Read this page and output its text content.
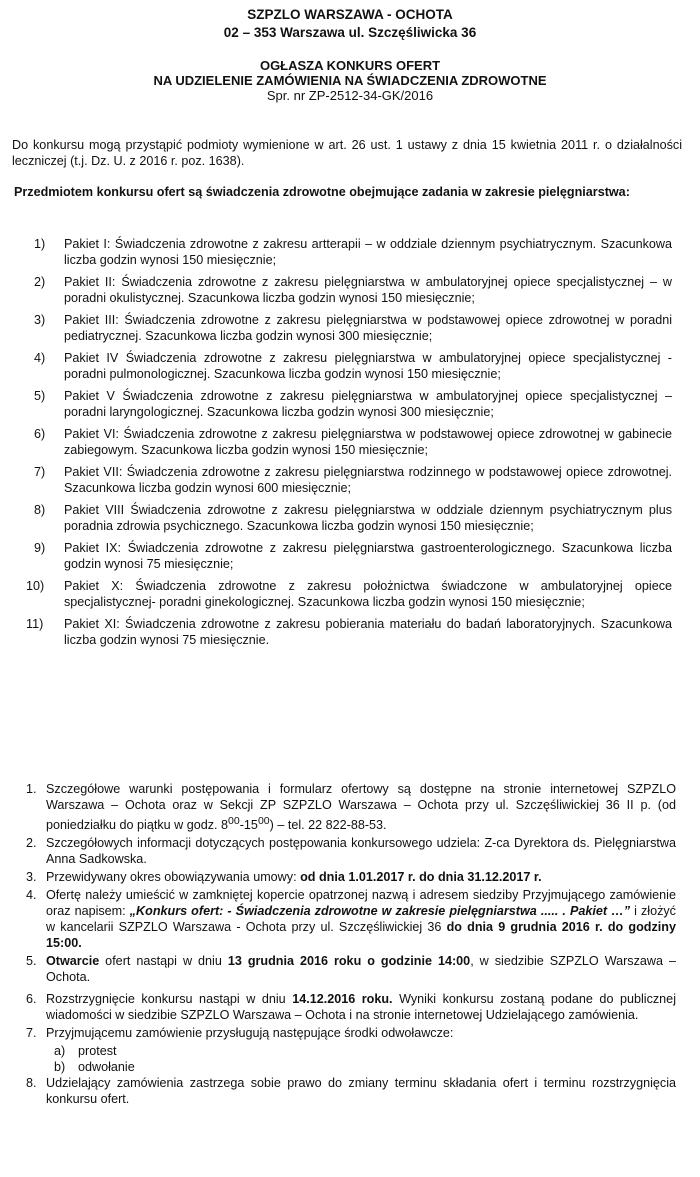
SZPZLO WARSZAWA - OCHOTA
02 – 353 Warszawa ul. Szczęśliwicka 36
OGŁASZA KONKURS OFERT
NA UDZIELENIE ZAMÓWIENIA NA ŚWIADCZENIA ZDROWOTNE
Spr. nr ZP-2512-34-GK/2016
Do konkursu mogą przystąpić podmioty wymienione w art. 26 ust. 1 ustawy z dnia 15 kwietnia 2011 r. o działalności leczniczej (t.j. Dz. U. z 2016 r. poz. 1638).
Przedmiotem konkursu ofert są świadczenia zdrowotne obejmujące zadania w zakresie pielęgniarstwa:
1)	Pakiet I: Świadczenia zdrowotne z zakresu artterapii – w oddziale dziennym psychiatrycznym. Szacunkowa liczba godzin wynosi 150 miesięcznie;
2)	Pakiet II: Świadczenia zdrowotne z zakresu pielęgniarstwa w ambulatoryjnej opiece specjalistycznej – w poradni okulistycznej. Szacunkowa liczba godzin wynosi 150 miesięcznie;
3)	Pakiet III: Świadczenia zdrowotne z zakresu pielęgniarstwa w podstawowej opiece zdrowotnej w poradni pediatrycznej. Szacunkowa liczba godzin wynosi 300 miesięcznie;
4)	Pakiet IV Świadczenia zdrowotne z zakresu pielęgniarstwa w ambulatoryjnej opiece specjalistycznej - poradni pulmonologicznej. Szacunkowa liczba godzin wynosi 150 miesięcznie;
5)	Pakiet V Świadczenia zdrowotne z zakresu pielęgniarstwa w ambulatoryjnej opiece specjalistycznej – poradni laryngologicznej. Szacunkowa liczba godzin wynosi 300 miesięcznie;
6)	Pakiet VI: Świadczenia zdrowotne z zakresu pielęgniarstwa w podstawowej opiece zdrowotnej w gabinecie zabiegowym. Szacunkowa liczba godzin wynosi 150 miesięcznie;
7)	Pakiet VII: Świadczenia zdrowotne z zakresu pielęgniarstwa rodzinnego w podstawowej opiece zdrowotnej. Szacunkowa liczba godzin wynosi 600 miesięcznie;
8)	Pakiet VIII Świadczenia zdrowotne z zakresu pielęgniarstwa w oddziale dziennym psychiatrycznym plus poradnia zdrowia psychicznego. Szacunkowa liczba godzin wynosi 150 miesięcznie;
9)	Pakiet IX: Świadczenia zdrowotne z zakresu pielęgniarstwa gastroenterologicznego. Szacunkowa liczba godzin wynosi 75 miesięcznie;
10)	Pakiet X: Świadczenia zdrowotne z zakresu położnictwa świadczone w ambulatoryjnej opiece specjalistycznej- poradni ginekologicznej. Szacunkowa liczba godzin wynosi 150 miesięcznie;
11)	Pakiet XI: Świadczenia zdrowotne z zakresu pobierania materiału do badań laboratoryjnych. Szacunkowa liczba godzin wynosi 75 miesięcznie.
1. Szczegółowe warunki postępowania i formularz ofertowy są dostępne na stronie internetowej SZPZLO Warszawa – Ochota oraz w Sekcji ZP SZPZLO Warszawa – Ochota przy ul. Szczęśliwickiej 36 II p. (od poniedziałku do piątku w godz. $8^{00}-15^{00}$) – tel. 22 822-88-53.
2. Szczegółowych informacji dotyczących postępowania konkursowego udziela: Z-ca Dyrektora ds. Pielęgniarstwa Anna Sadkowska.
3. Przewidywany okres obowiązywania umowy: od dnia 1.01.2017 r. do dnia 31.12.2017 r.
4. Ofertę należy umieścić w zamkniętej kopercie opatrzonej nazwą i adresem siedziby Przyjmującego zamówienie oraz napisem: „Konkurs ofert: - Świadczenia zdrowotne w zakresie pielęgniarstwa ..... . Pakiet …” i złożyć w kancelarii SZPZLO Warszawa - Ochota przy ul. Szczęśliwickiej 36 do dnia 9 grudnia 2016 r. do godziny 15:00.
5. Otwarcie ofert nastąpi w dniu 13 grudnia 2016 roku o godzinie 14:00, w siedzibie SZPZLO Warszawa – Ochota.
6. Rozstrzygnięcie konkursu nastąpi w dniu 14.12.2016 roku. Wyniki konkursu zostaną podane do publicznej wiadomości w siedzibie SZPZLO Warszawa – Ochota i na stronie internetowej Udzielającego zamówienia.
7. Przyjmującemu zamówienie przysługują następujące środki odwoławcze:
a)	protest
b)	odwołanie
8. Udzielający zamówienia zastrzega sobie prawo do zmiany terminu składania ofert i terminu rozstrzygnięcia konkursu ofert.
